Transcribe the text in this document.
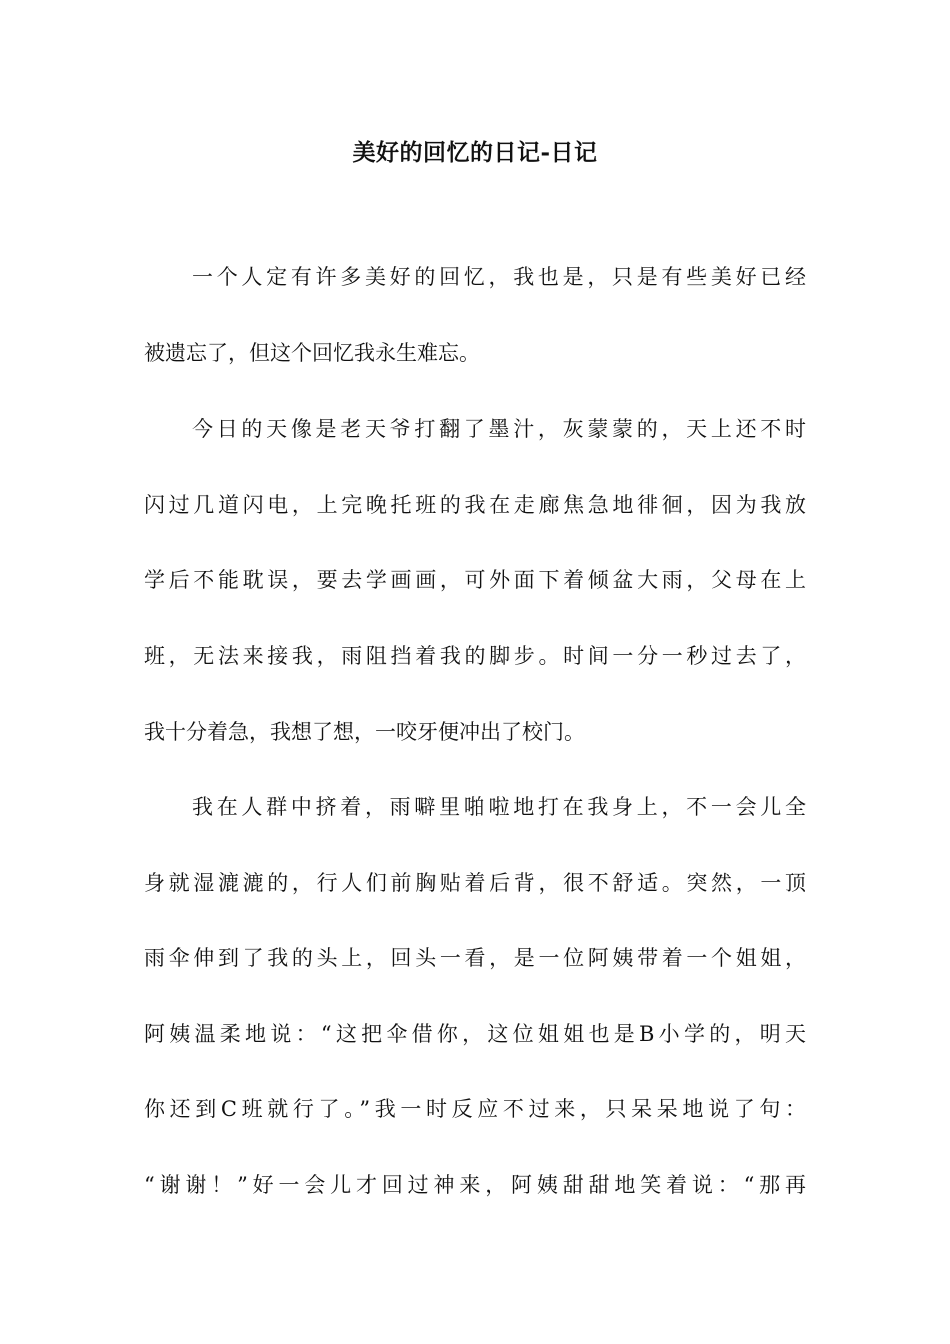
美好的回忆的日记-日记
一个人定有许多美好的回忆，我也是，只是有些美好已经
被遗忘了，但这个回忆我永生难忘。
今日的天像是老天爷打翻了墨汁，灰蒙蒙的，天上还不时
闪过几道闪电，上完晚托班的我在走廊焦急地徘徊，因为我放
学后不能耽误，要去学画画，可外面下着倾盆大雨，父母在上
班，无法来接我，雨阻挡着我的脚步。时间一分一秒过去了，
我十分着急，我想了想，一咬牙便冲出了校门。
我在人群中挤着，雨噼里啪啦地打在我身上，不一会儿全
身就湿漉漉的，行人们前胸贴着后背，很不舒适。突然，一顶
雨伞伸到了我的头上，回头一看，是一位阿姨带着一个姐姐，
阿姨温柔地说：“这把伞借你，这位姐姐也是B小学的，明天
你还到C班就行了。”我一时反应不过来，只呆呆地说了句：
“谢谢！”好一会儿才回过神来，阿姨甜甜地笑着说：“那再
